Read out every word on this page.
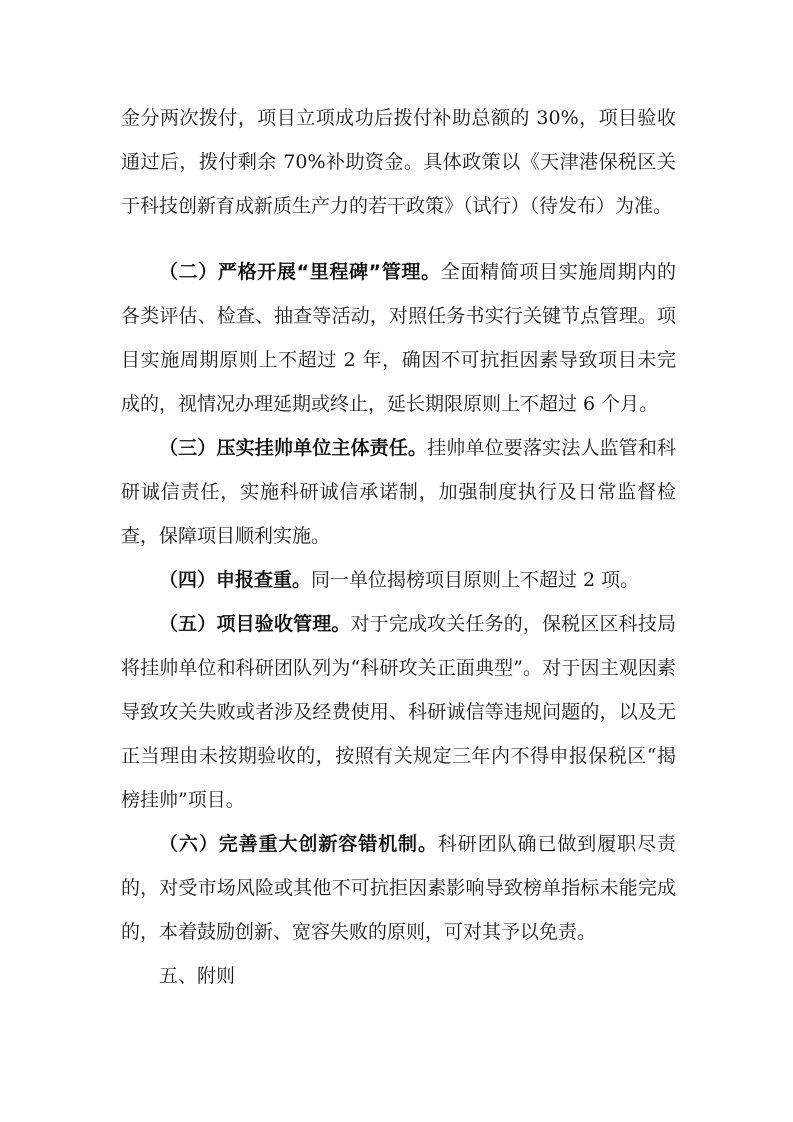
金分两次拨付，项目立项成功后拨付补助总额的 30%，项目验收通过后，拨付剩余 70%补助资金。具体政策以《天津港保税区关于科技创新育成新质生产力的若干政策》（试行）（待发布）为准。

（二）严格开展“里程碑”管理。全面精简项目实施周期内的各类评估、检查、抽查等活动，对照任务书实行关键节点管理。项目实施周期原则上不超过 2 年，确因不可抗拒因素导致项目未完成的，视情况办理延期或终止，延长期限原则上不超过 6 个月。

（三）压实挂帅单位主体责任。挂帅单位要落实法人监管和科研诚信责任，实施科研诚信承诺制，加强制度执行及日常监督检查，保障项目顺利实施。

（四）申报查重。同一单位揭榜项目原则上不超过 2 项。

（五）项目验收管理。对于完成攻关任务的，保税区区科技局将挂帅单位和科研团队列为“科研攻关正面典型”。对于因主观因素导致攻关失败或者涉及经费使用、科研诚信等违规问题的，以及无正当理由未按期验收的，按照有关规定三年内不得申报保税区“揭榜挂帅”项目。

（六）完善重大创新容错机制。科研团队确已做到履职尽责的，对受市场风险或其他不可抗拒因素影响导致榜单指标未能完成的，本着鼓励创新、宽容失败的原则，可对其予以免责。

五、附则
